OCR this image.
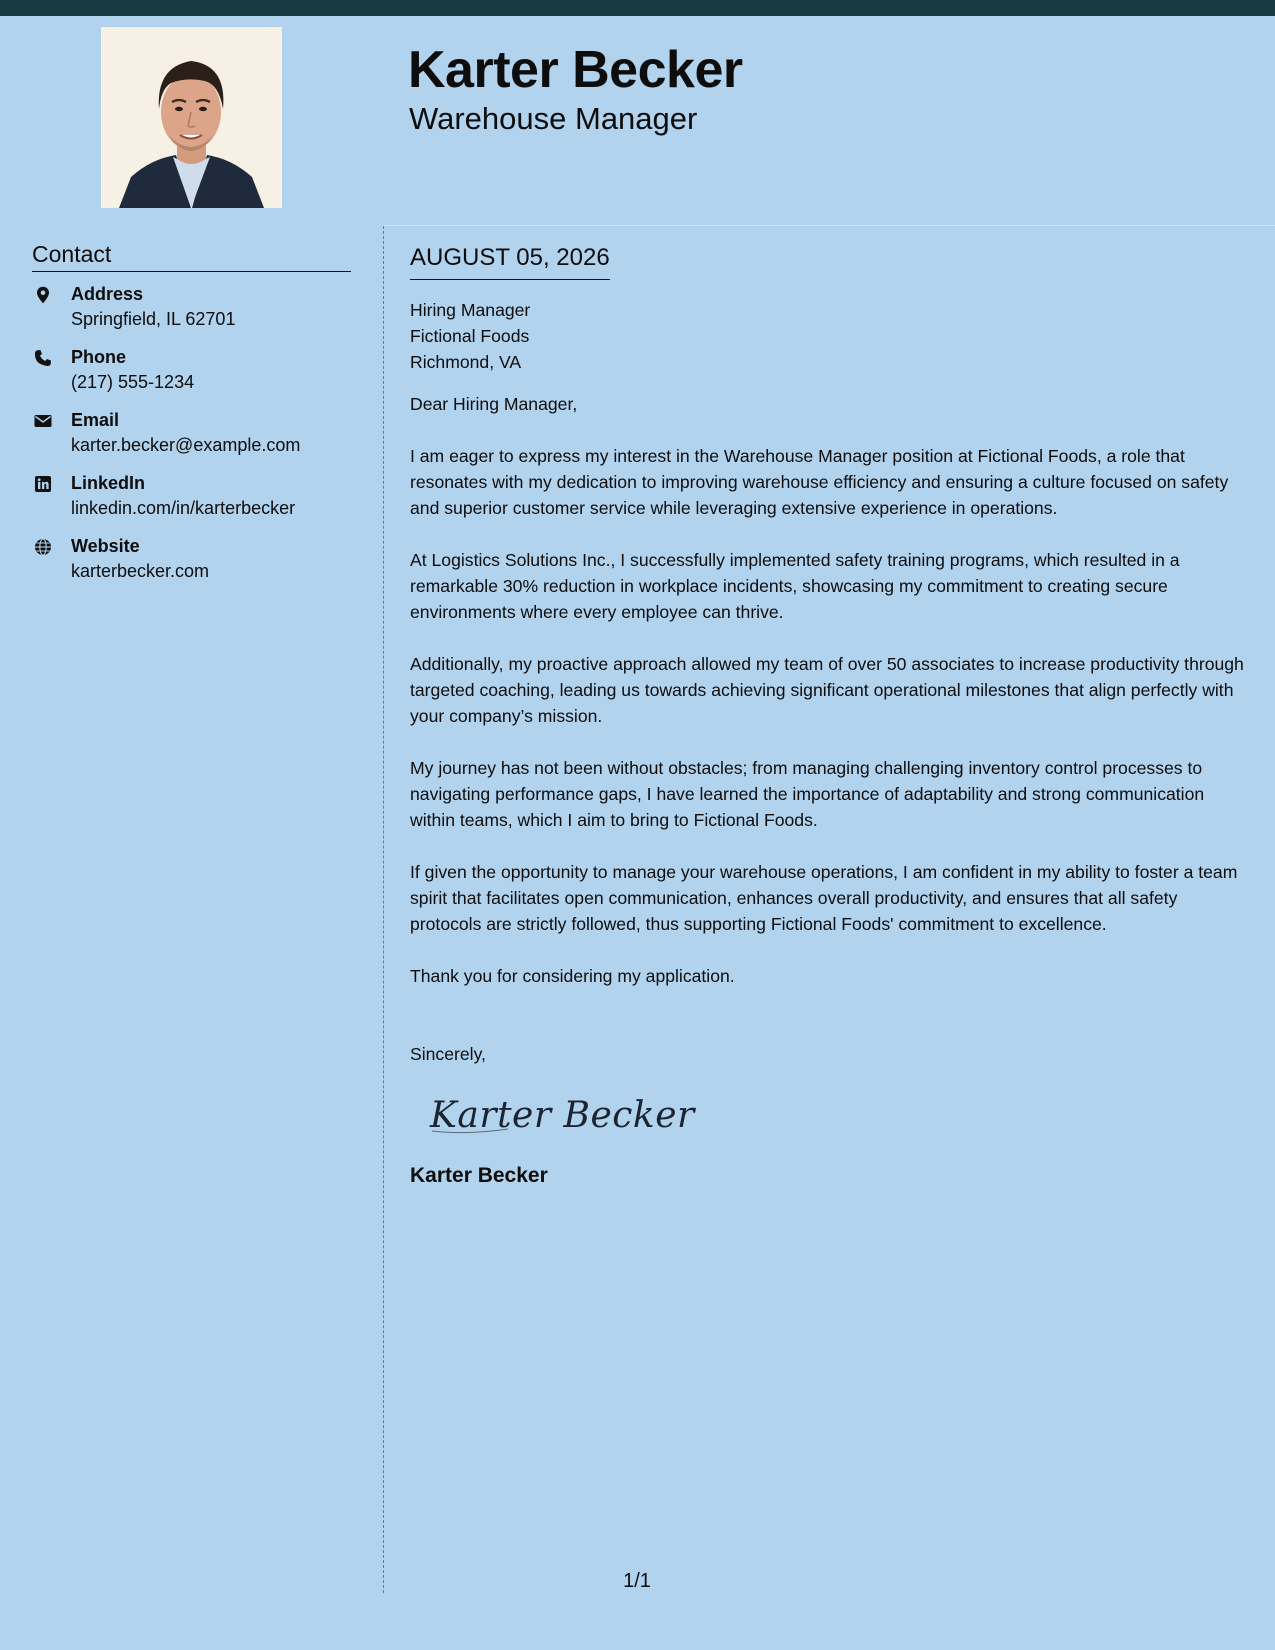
Karter Becker
Warehouse Manager
Contact
Address
Springfield, IL 62701
Phone
(217) 555-1234
Email
karter.becker@example.com
LinkedIn
linkedin.com/in/karterbecker
Website
karterbecker.com
AUGUST 05, 2026
Hiring Manager
Fictional Foods
Richmond, VA
Dear Hiring Manager,
I am eager to express my interest in the Warehouse Manager position at Fictional Foods, a role that resonates with my dedication to improving warehouse efficiency and ensuring a culture focused on safety and superior customer service while leveraging extensive experience in operations.
At Logistics Solutions Inc., I successfully implemented safety training programs, which resulted in a remarkable 30% reduction in workplace incidents, showcasing my commitment to creating secure environments where every employee can thrive.
Additionally, my proactive approach allowed my team of over 50 associates to increase productivity through targeted coaching, leading us towards achieving significant operational milestones that align perfectly with your company’s mission.
My journey has not been without obstacles; from managing challenging inventory control processes to navigating performance gaps, I have learned the importance of adaptability and strong communication within teams, which I aim to bring to Fictional Foods.
If given the opportunity to manage your warehouse operations, I am confident in my ability to foster a team spirit that facilitates open communication, enhances overall productivity, and ensures that all safety protocols are strictly followed, thus supporting Fictional Foods' commitment to excellence.
Thank you for considering my application.
Sincerely,
Karter Becker
Karter Becker
1/1
